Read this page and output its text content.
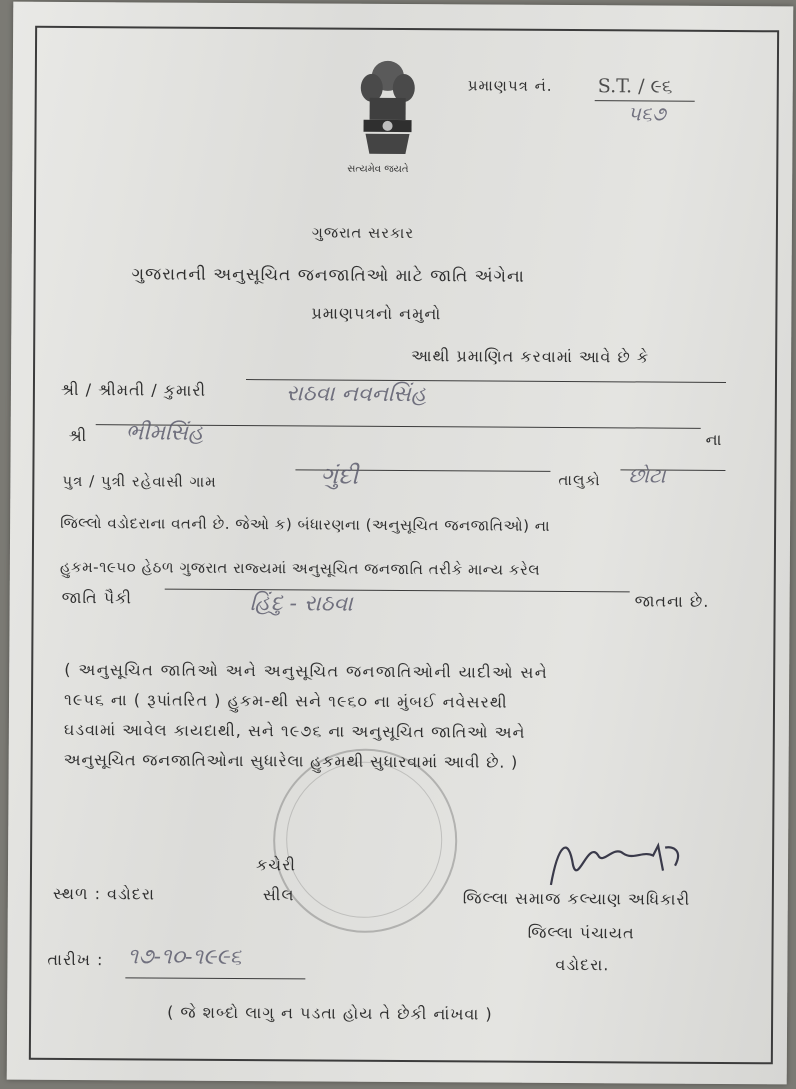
સત્યમેવ જયતે
પ્રમાણપત્ર નં. S.T. / ૯૬
૫૬૭
ગુજરાત સરકાર
ગુજરાતની અનુસૂચિત જનજાતિઓ માટે જાતિ અંગેના
પ્રમાણપત્રનો નમુનો
આથી પ્રમાણિત કરવામાં આવે છે કે
શ્રી / શ્રીમતી / કુમારી	રાઠવા નવનસિંહ
શ્રી ભીમસિંહ	ના
પુત્ર / પુત્રી રહેવાસી ગામ	ગુંદી	તાલુકો છોટા
જિલ્લો વડોદરાના વતની છે. જેઓ ક) બંધારણના (અનુસૂચિત જનજાતિઓ) ના
હુકમ-૧૯૫૦ હેઠળ ગુજરાત રાજ્યમાં અનુસૂચિત જનજાતિ તરીકે માન્ય કરેલ
જાતિ પૈકી	હિંદુ - રાઠવા	જાતના છે.
( અનુસૂચિત જાતિઓ અને અનુસૂચિત જનજાતિઓની યાદીઓ સને
૧૯૫૬ ના ( રૂપાંતરિત ) હુકમ-થી સને ૧૯૬૦ ના મુંબઈ નવેસરથી
ઘડવામાં આવેલ કાયદાથી, સને ૧૯૭૬ ના અનુસૂચિત જાતિઓ અને
અનુસૂચિત જનજાતિઓના સુધારેલા હુકમથી સુધારવામાં આવી છે. )
કચેરી
સ્થળ : વડોદરા	સીલ	જિલ્લા સમાજ કલ્યાણ અધિકારી
જિલ્લા પંચાયત
તારીખ : ૧૭-૧૦-૧૯૯૬	વડોદરા.
( જે શબ્દો લાગુ ન પડતા હોય તે છેકી નાંખવા )
